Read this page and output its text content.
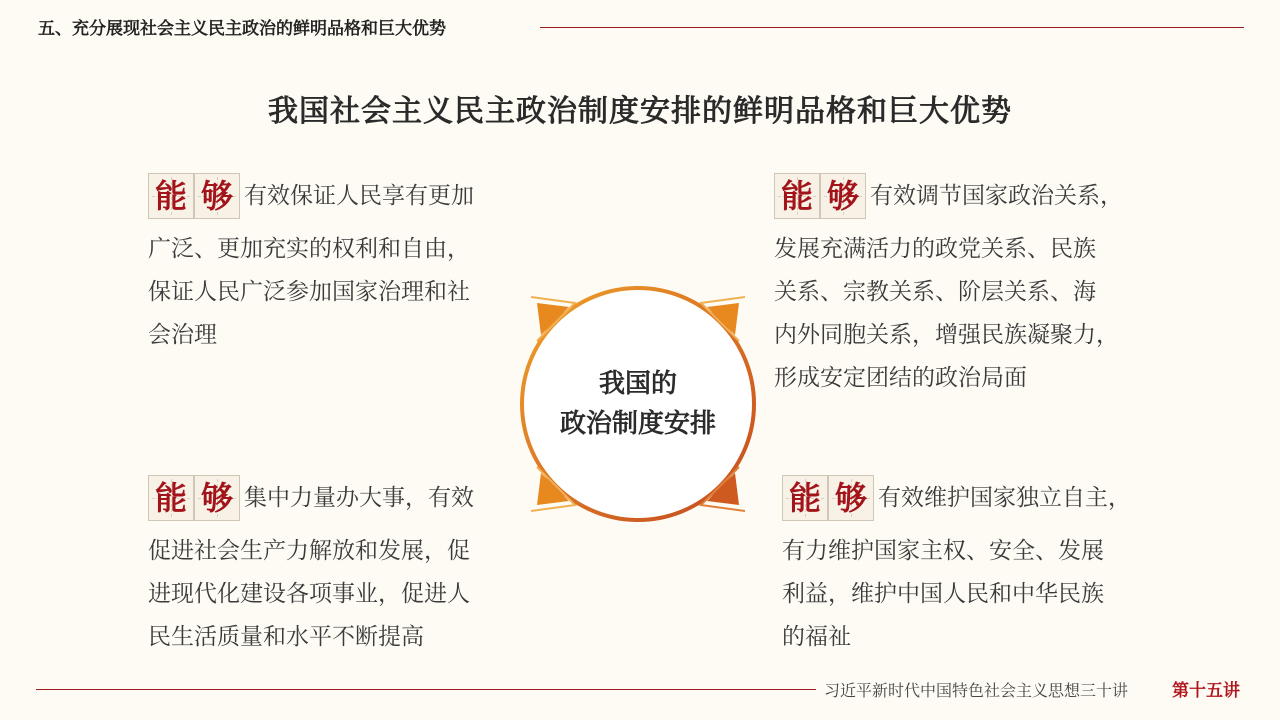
五、充分展现社会主义民主政治的鲜明品格和巨大优势
我国社会主义民主政治制度安排的鲜明品格和巨大优势
能 够 有效保证人民享有更加
广泛、更加充实的权利和自由，
保证人民广泛参加国家治理和社
会治理
能 够 有效调节国家政治关系，
发展充满活力的政党关系、民族
关系、宗教关系、阶层关系、海
内外同胞关系，增强民族凝聚力，
形成安定团结的政治局面
能 够 集中力量办大事，有效
促进社会生产力解放和发展，促
进现代化建设各项事业，促进人
民生活质量和水平不断提高
能 够 有效维护国家独立自主，
有力维护国家主权、安全、发展
利益，维护中国人民和中华民族
的福祉
我国的
政治制度安排
习近平新时代中国特色社会主义思想三十讲	第十五讲
